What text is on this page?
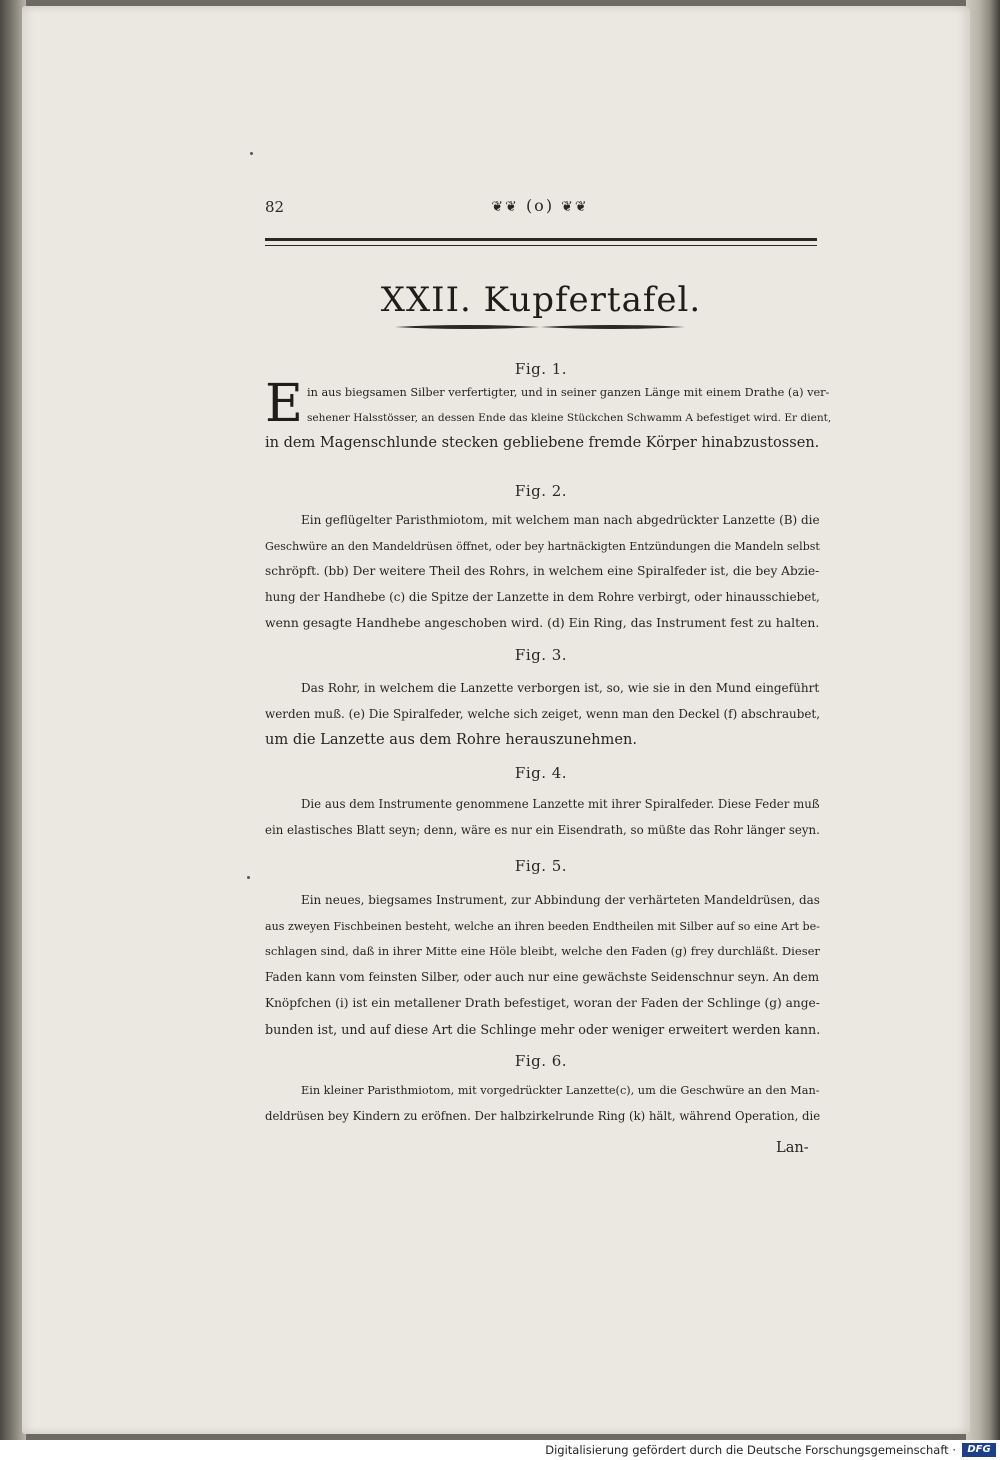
82	❦❦ (o) ❦❦
XXII. Kupfertafel.
Fig. 1.
E in aus biegsamen Silber verfertigter, und in seiner ganzen Länge mit einem Drathe (a) ver-
sehener Halsstösser, an dessen Ende das kleine Stückchen Schwamm A befestiget wird. Er dient,
in dem Magenschlunde stecken gebliebene fremde Körper hinabzustossen.
Fig. 2.
Ein geflügelter Paristhmiotom, mit welchem man nach abgedrückter Lanzette (B) die
Geschwüre an den Mandeldrüsen öffnet, oder bey hartnäckigten Entzündungen die Mandeln selbst
schröpft. (bb) Der weitere Theil des Rohrs, in welchem eine Spiralfeder ist, die bey Abzie-
hung der Handhebe (c) die Spitze der Lanzette in dem Rohre verbirgt, oder hinausschiebet,
wenn gesagte Handhebe angeschoben wird. (d) Ein Ring, das Instrument fest zu halten.
Fig. 3.
Das Rohr, in welchem die Lanzette verborgen ist, so, wie sie in den Mund eingeführt
werden muß. (e) Die Spiralfeder, welche sich zeiget, wenn man den Deckel (f) abschraubet,
um die Lanzette aus dem Rohre herauszunehmen.
Fig. 4.
Die aus dem Instrumente genommene Lanzette mit ihrer Spiralfeder. Diese Feder muß
ein elastisches Blatt seyn; denn, wäre es nur ein Eisendrath, so müßte das Rohr länger seyn.
Fig. 5.
Ein neues, biegsames Instrument, zur Abbindung der verhärteten Mandeldrüsen, das
aus zweyen Fischbeinen besteht, welche an ihren beeden Endtheilen mit Silber auf so eine Art be-
schlagen sind, daß in ihrer Mitte eine Höle bleibt, welche den Faden (g) frey durchläßt. Dieser
Faden kann vom feinsten Silber, oder auch nur eine gewächste Seidenschnur seyn. An dem
Knöpfchen (i) ist ein metallener Drath befestiget, woran der Faden der Schlinge (g) ange-
bunden ist, und auf diese Art die Schlinge mehr oder weniger erweitert werden kann.
Fig. 6.
Ein kleiner Paristhmiotom, mit vorgedrückter Lanzette(c), um die Geschwüre an den Man-
deldrüsen bey Kindern zu eröfnen. Der halbzirkelrunde Ring (k) hält, während Operation, die
Lan-
Digitalisierung gefördert durch die Deutsche Forschungsgemeinschaft ·	DFG
